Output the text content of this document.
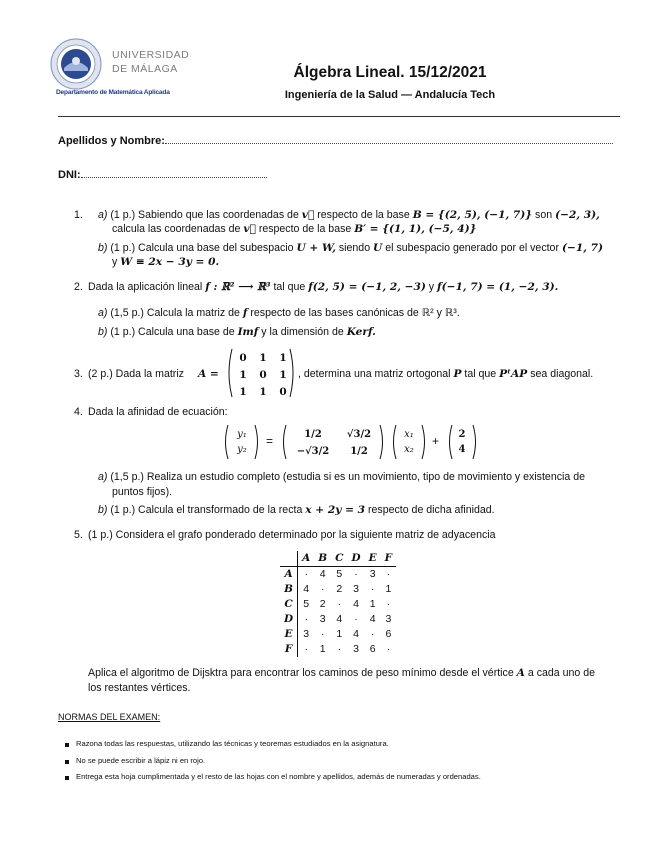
UNIVERSIDAD
DE MÁLAGA
Departamento de Matemática Aplicada
Álgebra Lineal. 15/12/2021
Ingeniería de la Salud — Andalucía Tech
Apellidos y Nombre:
DNI:
1. a) (1 p.) Sabiendo que las coordenadas de v⃗ respecto de la base B = {(2, 5), (−1, 7)} son (−2, 3),
calcula las coordenadas de v⃗ respecto de la base B′ = {(1, 1), (−5, 4)}
b) (1 p.) Calcula una base del subespacio U + W, siendo U el subespacio generado por el vector (−1, 7)
y W ≡ 2x − 3y = 0.
2. Dada la aplicación lineal f : ℝ² ⟶ ℝ³ tal que f(2, 5) = (−1, 2, −3) y f(−1, 7) = (1, −2, 3).
a) (1,5 p.) Calcula la matriz de f respecto de las bases canónicas de ℝ² y ℝ³.
b) (1 p.) Calcula una base de Imf y la dimensión de Kerf.
3. (2 p.) Dada la matriz A =
0	1	1
1	0	1
1	1	0
, determina una matriz ortogonal P tal que PᵗAP sea diagonal.
4. Dada la afinidad de ecuación:
y₁
y₂
=	1/2	√3/2
−√3/2	1/2
x₁
x₂
+	2
4
a) (1,5 p.) Realiza un estudio completo (estudia si es un movimiento, tipo de movimiento y existencia de
puntos fijos).
b) (1 p.) Calcula el transformado de la recta x + 2y = 3 respecto de dicha afinidad.
5. (1 p.) Considera el grafo ponderado determinado por la siguiente matriz de adyacencia
	A	B	C	D	E	F
A	·	4	5	·	3	·
B	4	·	2	3	·	1
C	5	2	·	4	1	·
D	·	3	4	·	4	3
E	3	·	1	4	·	6
F	·	1	·	3	6	·
Aplica el algoritmo de Dijsktra para encontrar los caminos de peso mínimo desde el vértice A a cada uno de
los restantes vértices.
NORMAS DEL EXAMEN:
Razona todas las respuestas, utilizando las técnicas y teoremas estudiados en la asignatura.
No se puede escribir a lápiz ni en rojo.
Entrega esta hoja cumplimentada y el resto de las hojas con el nombre y apellidos, además de numeradas y ordenadas.
